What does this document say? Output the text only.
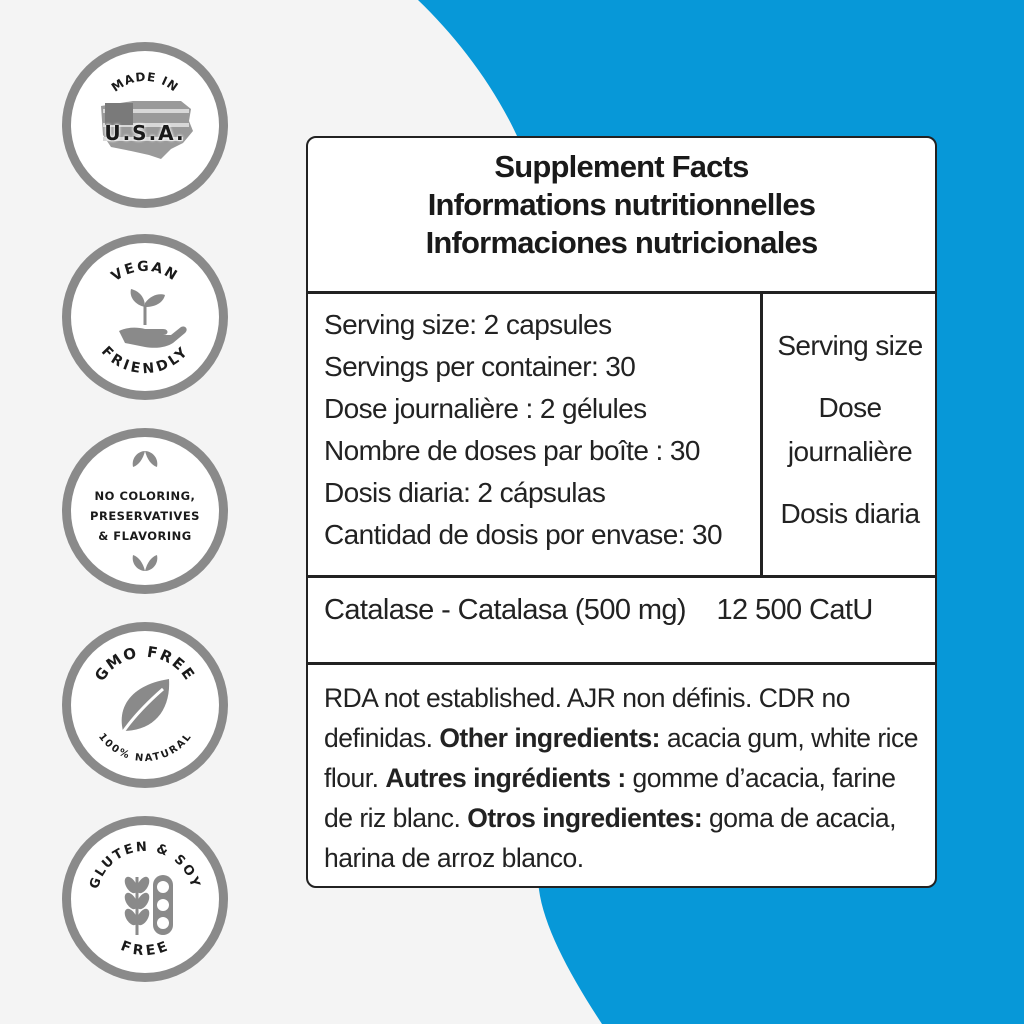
MADE IN
U.S.A.
VEGAN
FRIENDLY
NO COLORING,
PRESERVATIVES
& FLAVORING
GMO FREE
100% NATURAL
GLUTEN & SOY
FREE
Supplement Facts
Informations nutritionnelles
Informaciones nutricionales
Serving size: 2 capsules
Servings per container: 30
Dose journalière : 2 gélules
Nombre de doses par boîte : 30
Dosis diaria: 2 cápsulas
Cantidad de dosis por envase: 30
Serving size
Dose
journalière
Dosis diaria
Catalase - Catalasa (500 mg) 12 500 CatU
RDA not established. AJR non définis. CDR no definidas. Other ingredients: acacia gum, white rice flour. Autres ingrédients : gomme d’acacia, farine de riz blanc. Otros ingredientes: goma de acacia, harina de arroz blanco.
